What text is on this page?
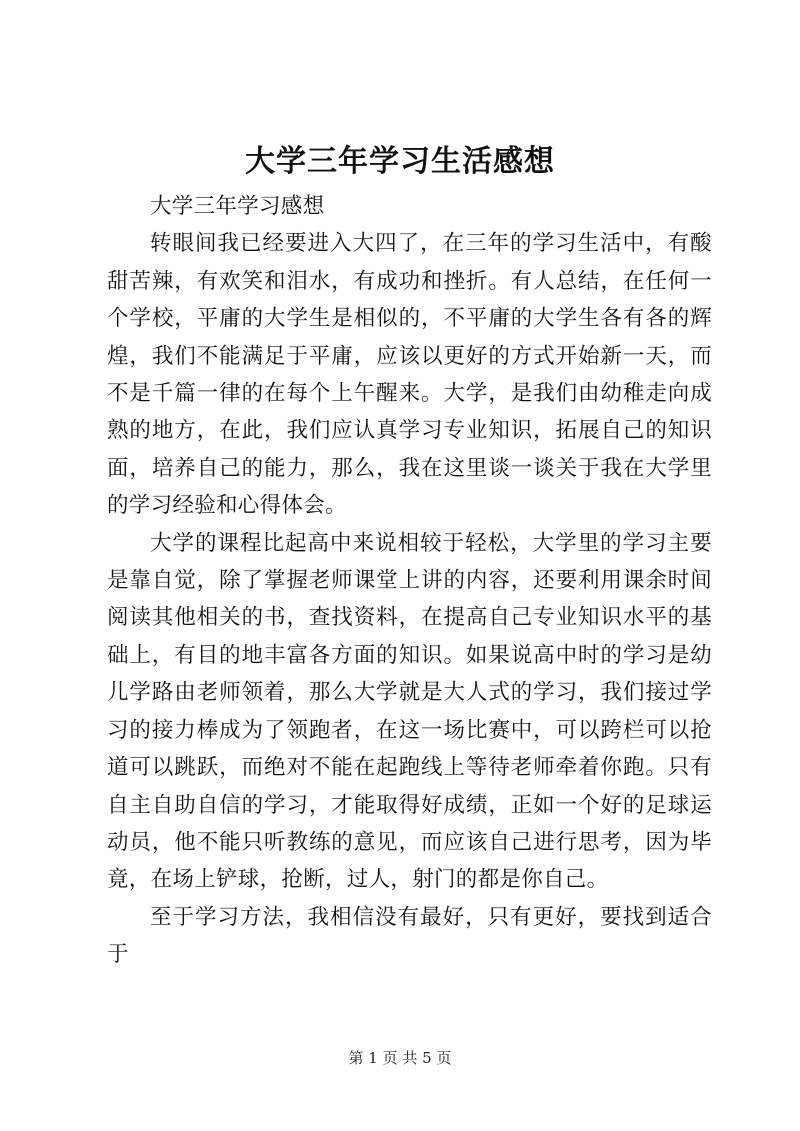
大学三年学习生活感想

大学三年学习感想

转眼间我已经要进入大四了，在三年的学习生活中，有酸甜苦辣，有欢笑和泪水，有成功和挫折。有人总结，在任何一个学校，平庸的大学生是相似的，不平庸的大学生各有各的辉煌，我们不能满足于平庸，应该以更好的方式开始新一天，而不是千篇一律的在每个上午醒来。大学，是我们由幼稚走向成熟的地方，在此，我们应认真学习专业知识，拓展自己的知识面，培养自己的能力，那么，我在这里谈一谈关于我在大学里的学习经验和心得体会。

大学的课程比起高中来说相较于轻松，大学里的学习主要是靠自觉，除了掌握老师课堂上讲的内容，还要利用课余时间阅读其他相关的书，查找资料，在提高自己专业知识水平的基础上，有目的地丰富各方面的知识。如果说高中时的学习是幼儿学路由老师领着，那么大学就是大人式的学习，我们接过学习的接力棒成为了领跑者，在这一场比赛中，可以跨栏可以抢道可以跳跃，而绝对不能在起跑线上等待老师牵着你跑。只有自主自助自信的学习，才能取得好成绩，正如一个好的足球运动员，他不能只听教练的意见，而应该自己进行思考，因为毕竟，在场上铲球，抢断，过人，射门的都是你自己。

至于学习方法，我相信没有最好，只有更好，要找到适合于

第 1 页 共 5 页
